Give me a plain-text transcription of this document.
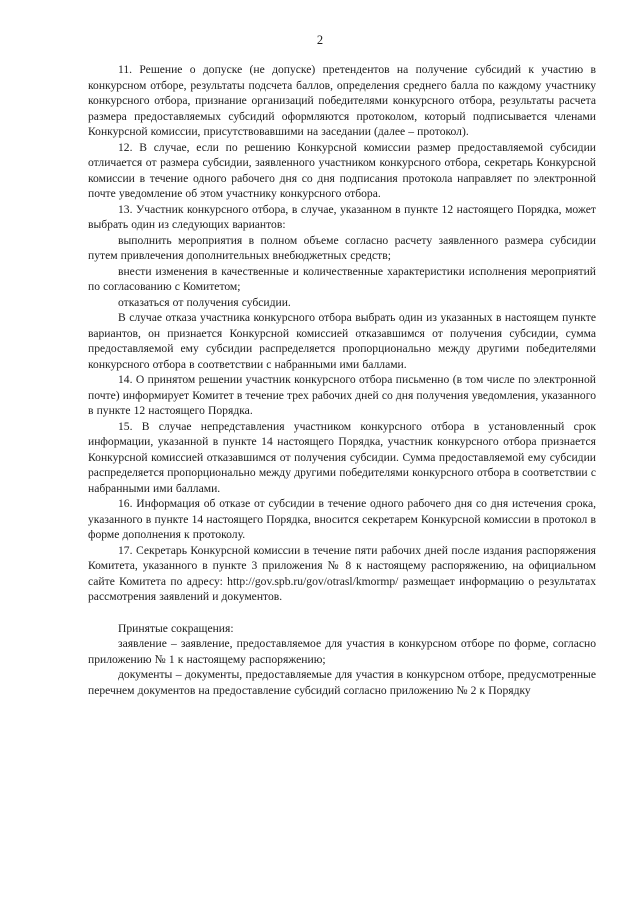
2

11. Решение о допуске (не допуске) претендентов на получение субсидий к участию в конкурсном отборе, результаты подсчета баллов, определения среднего балла по каждому участнику конкурсного отбора, признание организаций победителями конкурсного отбора, результаты расчета размера предоставляемых субсидий оформляются протоколом, который подписывается членами Конкурсной комиссии, присутствовавшими на заседании (далее – протокол).

12. В случае, если по решению Конкурсной комиссии размер предоставляемой субсидии отличается от размера субсидии, заявленного участником конкурсного отбора, секретарь Конкурсной комиссии в течение одного рабочего дня со дня подписания протокола направляет по электронной почте уведомление об этом участнику конкурсного отбора.

13. Участник конкурсного отбора, в случае, указанном в пункте 12 настоящего Порядка, может выбрать один из следующих вариантов:

выполнить мероприятия в полном объеме согласно расчету заявленного размера субсидии путем привлечения дополнительных внебюджетных средств;

внести изменения в качественные и количественные характеристики исполнения мероприятий по согласованию с Комитетом;

отказаться от получения субсидии.

В случае отказа участника конкурсного отбора выбрать один из указанных в настоящем пункте вариантов, он признается Конкурсной комиссией отказавшимся от получения субсидии, сумма предоставляемой ему субсидии распределяется пропорционально между другими победителями конкурсного отбора в соответствии с набранными ими баллами.

14. О принятом решении участник конкурсного отбора письменно (в том числе по электронной почте) информирует Комитет в течение трех рабочих дней со дня получения уведомления, указанного в пункте 12 настоящего Порядка.

15. В случае непредставления участником конкурсного отбора в установленный срок информации, указанной в пункте 14 настоящего Порядка, участник конкурсного отбора признается Конкурсной комиссией отказавшимся от получения субсидии. Сумма предоставляемой ему субсидии распределяется пропорционально между другими победителями конкурсного отбора в соответствии с набранными ими баллами.

16. Информация об отказе от субсидии в течение одного рабочего дня со дня истечения срока, указанного в пункте 14 настоящего Порядка, вносится секретарем Конкурсной комиссии в протокол в форме дополнения к протоколу.

17. Секретарь Конкурсной комиссии в течение пяти рабочих дней после издания распоряжения Комитета, указанного в пункте 3 приложения № 8 к настоящему распоряжению, на официальном сайте Комитета по адресу: http://gov.spb.ru/gov/otrasl/kmormp/ размещает информацию о результатах рассмотрения заявлений и документов.

Принятые сокращения:

заявление – заявление, предоставляемое для участия в конкурсном отборе по форме, согласно приложению № 1 к настоящему распоряжению;

документы – документы, предоставляемые для участия в конкурсном отборе, предусмотренные перечнем документов на предоставление субсидий согласно приложению № 2 к Порядку
